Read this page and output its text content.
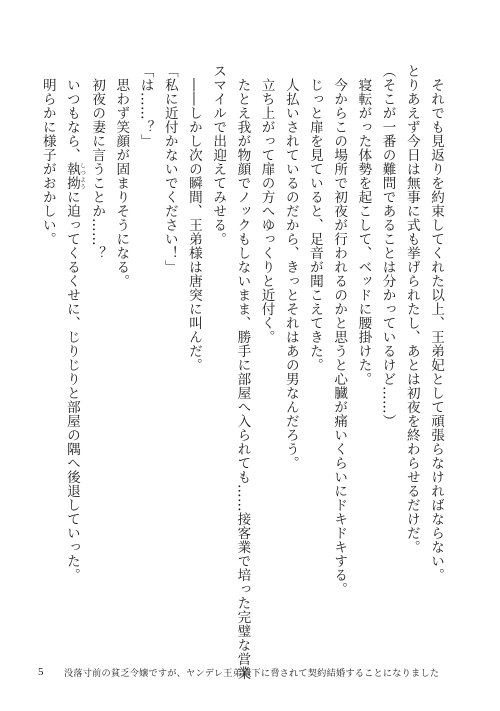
それでも見返りを約束してくれた以上、王弟妃として頑張らなければならない。
とりあえず今日は無事に式も挙げられたし、あとは初夜を終わらせるだけだ。
（そこが一番の難問であることは分かっているけど……）
寝転がった体勢を起こして、ベッドに腰掛けた。
今からこの場所で初夜が行われるのかと思うと心臓が痛いくらいにドキドキする。
じっと扉を見ていると、足音が聞こえてきた。
人払いされているのだから、きっとそれはあの男なんだろう。
立ち上がって扉の方へゆっくりと近付く。
たとえ我が物顔でノックもしないまま、勝手に部屋へ入られても……接客業で培った完璧な営業
スマイルで出迎えてみせる。
――しかし次の瞬間、王弟様は唐突に叫んだ。
「私に近付かないでください！」
「は……？」
思わず笑顔が固まりそうになる。
初夜の妻に言うことか……？
いつもなら、執拗しつように迫ってくるくせに、じりじりと部屋の隅へ後退していった。
明らかに様子がおかしい。
5	没落寸前の貧乏令嬢ですが、ヤンデレ王弟殿下に脅されて契約結婚することになりました
